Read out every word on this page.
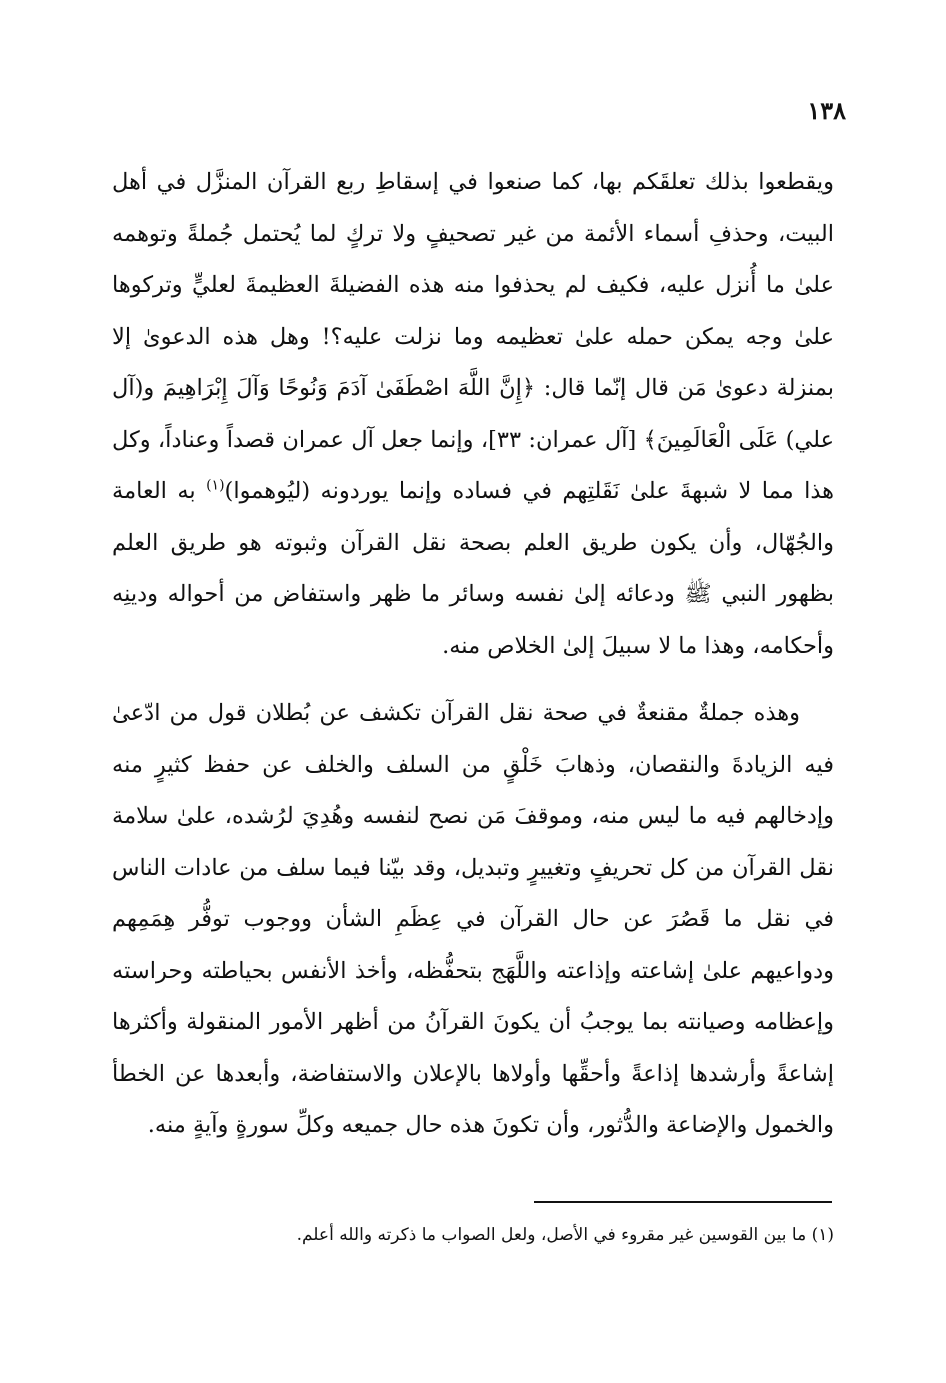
١٣٨
ويقطعوا بذلك تعلقَكم بها، كما صنعوا في إسقاطِ ربع القرآن المنزَّل في أهل البيت، وحذفِ أسماء الأئمة من غير تصحيفٍ ولا تركٍ لما يُحتمل جُملةً وتوهمه علىٰ ما أُنزل عليه، فكيف لم يحذفوا منه هذه الفضيلةَ العظيمةَ لعليٍّ وتركوها علىٰ وجه يمكن حمله علىٰ تعظيمه وما نزلت عليه؟! وهل هذه الدعوىٰ إلا بمنزلة دعوىٰ مَن قال إنّما قال: ﴿إِنَّ اللَّهَ اصْطَفَىٰ آدَمَ وَنُوحًا وَآلَ إِبْرَاهِيمَ و(آل علي) عَلَى الْعَالَمِينَ﴾ [آل عمران: ٣٣]، وإنما جعل آل عمران قصداً وعناداً، وكل هذا مما لا شبهةَ علىٰ نَقَلتِهم في فساده وإنما يوردونه (ليُوهموا)$^{(١)}$ به العامة والجُهّال، وأن يكون طريق العلم بصحة نقل القرآن وثبوته هو طريق العلم بظهور النبي ﷺ ودعائه إلىٰ نفسه وسائر ما ظهر واستفاض من أحواله ودينِه وأحكامه، وهذا ما لا سبيلَ إلىٰ الخلاص منه.
وهذه جملةٌ مقنعةٌ في صحة نقل القرآن تكشف عن بُطلان قول من ادّعىٰ فيه الزيادةَ والنقصان، وذهابَ خَلْقٍ من السلف والخلف عن حفظ كثيرٍ منه وإدخالهم فيه ما ليس منه، وموقفَ مَن نصح لنفسه وهُدِيَ لرُشده، علىٰ سلامة نقل القرآن من كل تحريفٍ وتغييرٍ وتبديل، وقد بيّنا فيما سلف من عادات الناس في نقل ما قَصُرَ عن حال القرآن في عِظَمِ الشأن ووجوب توفُّر هِمَمِهم ودواعيهم علىٰ إشاعته وإذاعته واللَّهَج بتحفُّظه، وأخذ الأنفس بحياطته وحراسته وإعظامه وصيانته بما يوجبُ أن يكونَ القرآنُ من أظهر الأمور المنقولة وأكثرها إشاعةً وأرشدها إذاعةً وأحقِّها وأولاها بالإعلان والاستفاضة، وأبعدها عن الخطأ والخمول والإضاعة والدُّثور، وأن تكونَ هذه حال جميعه وكلِّ سورةٍ وآيةٍ منه.
(١) ما بين القوسين غير مقروء في الأصل، ولعل الصواب ما ذكرته والله أعلم.
